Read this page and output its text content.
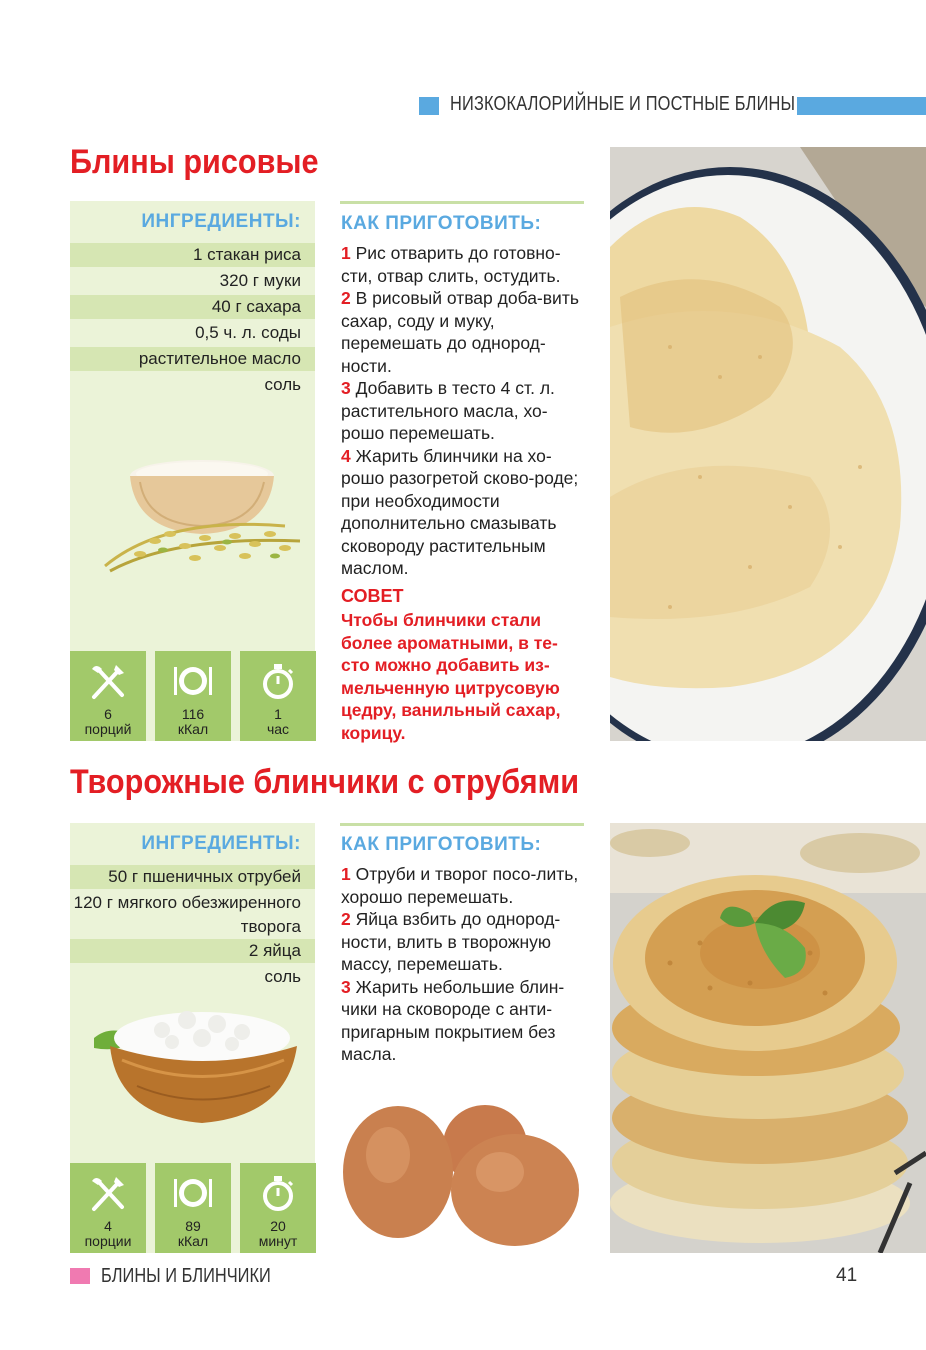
НИЗКОКАЛОРИЙНЫЕ И ПОСТНЫЕ БЛИНЫ
Блины рисовые
ИНГРЕДИЕНТЫ:
1 стакан риса
320 г муки
40 г сахара
0,5 ч. л. соды
растительное масло
соль
6
порций
116
кКал
1
час
КАК ПРИГОТОВИТЬ:
1 Рис отварить до готовно-сти, отвар слить, остудить.
2 В рисовый отвар доба-вить сахар, соду и муку, перемешать до однород-ности.
3 Добавить в тесто 4 ст. л. растительного масла, хо-рошо перемешать.
4 Жарить блинчики на хо-рошо разогретой сково-роде; при необходимости дополнительно смазывать сковороду растительным маслом.
СОВЕТ
Чтобы блинчики стали более ароматными, в те-сто можно добавить из-мельченную цитрусовую цедру, ванильный сахар, корицу.
Творожные блинчики с отрубями
ИНГРЕДИЕНТЫ:
50 г пшеничных отрубей
120 г мягкого обезжиренного творога
2 яйца
соль
4
порции
89
кКал
20
минут
КАК ПРИГОТОВИТЬ:
1 Отруби и творог посо-лить, хорошо перемешать.
2 Яйца взбить до однород-ности, влить в творожную массу, перемешать.
3 Жарить небольшие блин-чики на сковороде с анти-пригарным покрытием без масла.
БЛИНЫ И БЛИНЧИКИ	41
